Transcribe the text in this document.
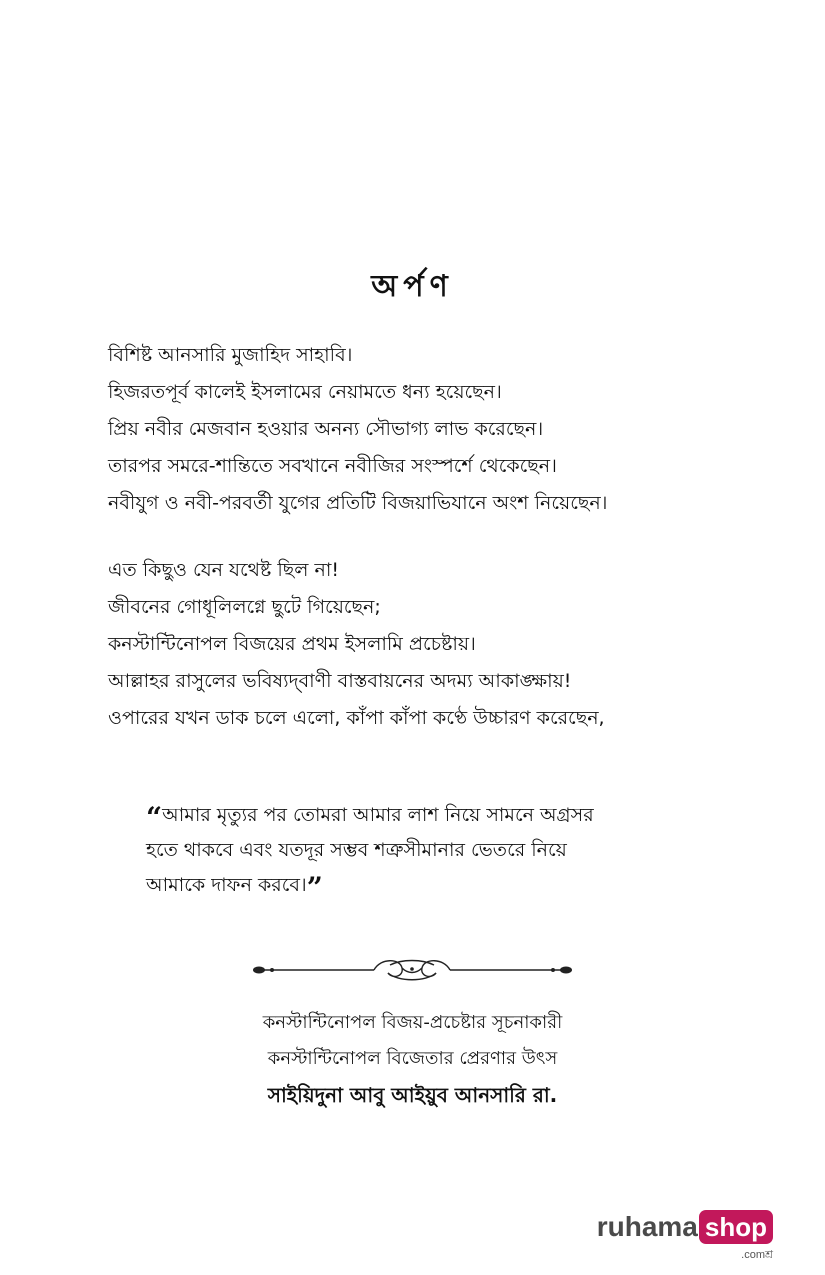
অর্পণ
বিশিষ্ট আনসারি মুজাহিদ সাহাবি।
হিজরতপূর্ব কালেই ইসলামের নেয়ামতে ধন্য হয়েছেন।
প্রিয় নবীর মেজবান হওয়ার অনন্য সৌভাগ্য লাভ করেছেন।
তারপর সমরে-শান্তিতে সবখানে নবীজির সংস্পর্শে থেকেছেন।
নবীযুগ ও নবী-পরবর্তী যুগের প্রতিটি বিজয়াভিযানে অংশ নিয়েছেন।
এত কিছুও যেন যথেষ্ট ছিল না!
জীবনের গোধূলিলগ্নে ছুটে গিয়েছেন;
কনস্টান্টিনোপল বিজয়ের প্রথম ইসলামি প্রচেষ্টায়।
আল্লাহর রাসুলের ভবিষ্যদ্‌বাণী বাস্তবায়নের অদম্য আকাঙ্ক্ষায়!
ওপারের যখন ডাক চলে এলো, কাঁপা কাঁপা কণ্ঠে উচ্চারণ করেছেন,
“আমার মৃত্যুর পর তোমরা আমার লাশ নিয়ে সামনে অগ্রসর
হতে থাকবে এবং যতদূর সম্ভব শত্রুসীমানার ভেতরে নিয়ে
আমাকে দাফন করবে।”
কনস্টান্টিনোপল বিজয়-প্রচেষ্টার সূচনাকারী
কনস্টান্টিনোপল বিজেতার প্রেরণার উৎস
সাইয়িদুনা আবু আইয়ুব আনসারি রা.
ruhama shop
.comশ্র
